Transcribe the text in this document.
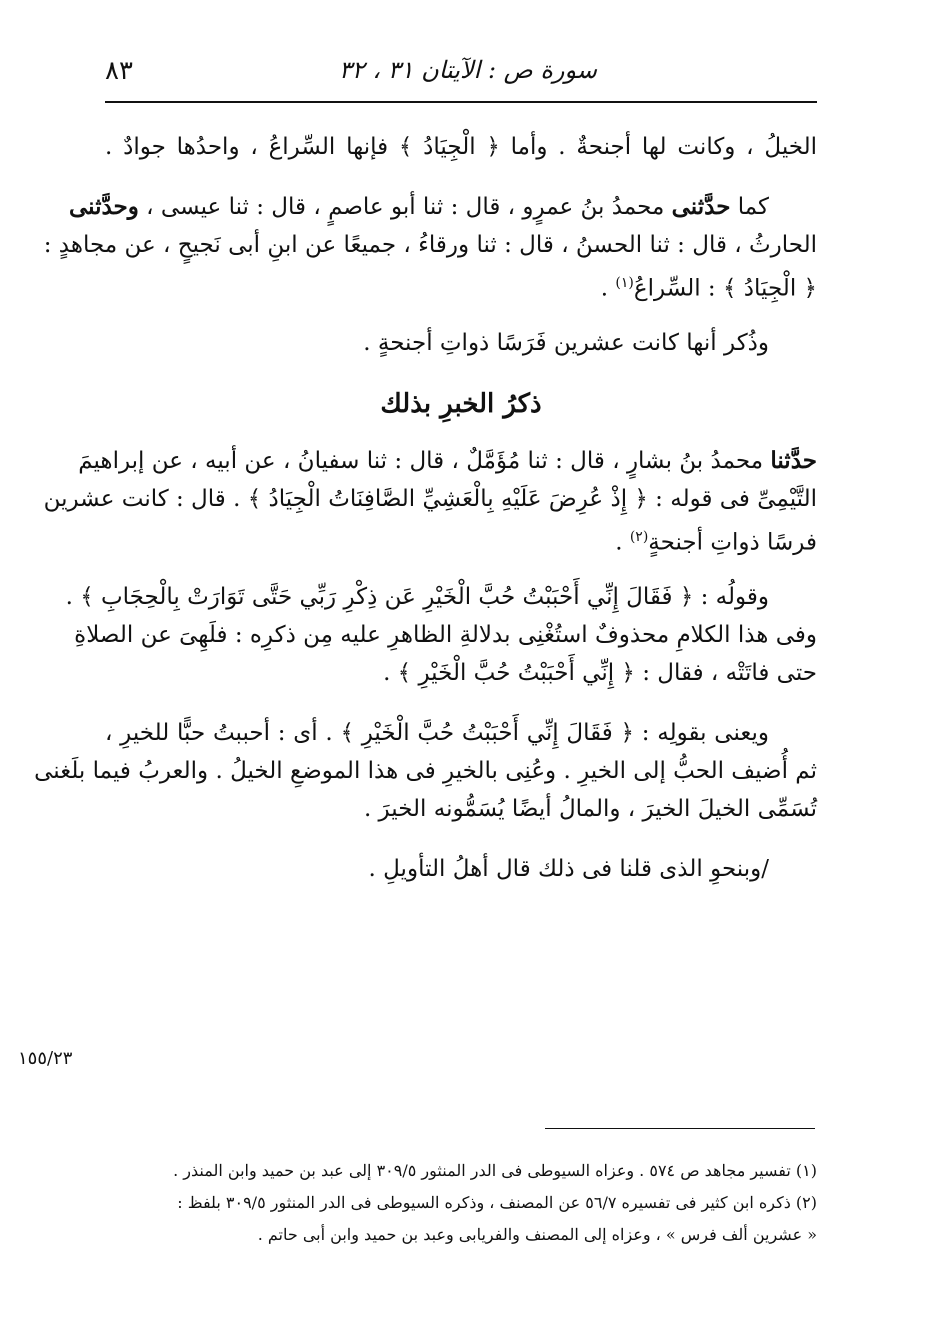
سورة ص : الآيتان ٣١ ، ٣٢
٨٣
الخيلُ ، وكانت لها أجنحةٌ . وأما ﴿ الْجِيَادُ ﴾ فإنها السِّراعُ ، واحدُها جوادٌ .
كما حدَّثنى محمدُ بنُ عمرٍو ، قال : ثنا أبو عاصمٍ ، قال : ثنا عيسى ، وحدَّثنى
الحارثُ ، قال : ثنا الحسنُ ، قال : ثنا ورقاءُ ، جميعًا عن ابنِ أبى نَجيحٍ ، عن مجاهدٍ :
﴿ الْجِيَادُ ﴾ : السِّراعُ$^{(١)}$ .
وذُكر أنها كانت عشرين فَرَسًا ذواتِ أجنحةٍ .
ذكرُ الخبرِ بذلك
حدَّثنا محمدُ بنُ بشارٍ ، قال : ثنا مُؤَمَّلٌ ، قال : ثنا سفيانُ ، عن أبيه ، عن إبراهيمَ
التَّيْمِىِّ فى قوله : ﴿ إِذْ عُرِضَ عَلَيْهِ بِالْعَشِيِّ الصَّافِنَاتُ الْجِيَادُ ﴾ . قال : كانت عشرين
فرسًا ذواتِ أجنحةٍ$^{(٢)}$ .
وقولُه : ﴿ فَقَالَ إِنِّي أَحْبَبْتُ حُبَّ الْخَيْرِ عَن ذِكْرِ رَبِّي حَتَّى تَوَارَتْ بِالْحِجَابِ ﴾ .
وفى هذا الكلامِ محذوفٌ استُغْنِى بدلالةِ الظاهرِ عليه مِن ذكرِه : فلَهِىَ عن الصلاةِ
حتى فاتَتْه ، فقال : ﴿ إِنِّي أَحْبَبْتُ حُبَّ الْخَيْرِ ﴾ .
ويعنى بقولِه : ﴿ فَقَالَ إِنِّي أَحْبَبْتُ حُبَّ الْخَيْرِ ﴾ . أى : أحببتُ حبًّا للخيرِ ،
ثم أُضيف الحبُّ إلى الخيرِ . وعُنِى بالخيرِ فى هذا الموضعِ الخيلُ . والعربُ فيما بلَغنى
تُسَمِّى الخيلَ الخيرَ ، والمالُ أيضًا يُسَمُّونه الخيرَ .
/وبنحوِ الذى قلنا فى ذلك قال أهلُ التأويلِ .
١٥٥/٢٣
(١) تفسير مجاهد ص ٥٧٤ . وعزاه السيوطى فى الدر المنثور ٣٠٩/٥ إلى عبد بن حميد وابن المنذر .
(٢) ذكره ابن كثير فى تفسيره ٥٦/٧ عن المصنف ، وذكره السيوطى فى الدر المنثور ٣٠٩/٥ بلفظ :
« عشرين ألف فرس » ، وعزاه إلى المصنف والفريابى وعبد بن حميد وابن أبى حاتم .
